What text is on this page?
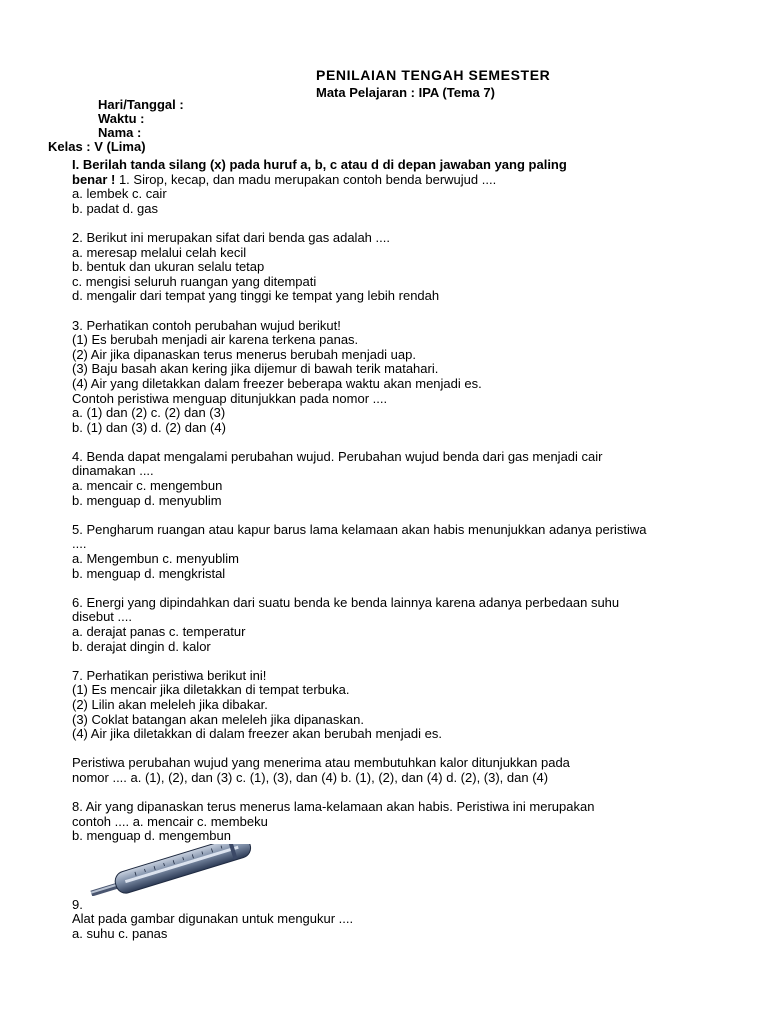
PENILAIAN TENGAH SEMESTER
Mata Pelajaran : IPA (Tema 7)
Hari/Tanggal :
Waktu :
Nama :
Kelas : V (Lima)
I. Berilah tanda silang (x) pada huruf a, b, c atau d di depan jawaban yang paling
benar ! 1. Sirop, kecap, dan madu merupakan contoh benda berwujud ....
a. lembek c. cair
b. padat d. gas
2. Berikut ini merupakan sifat dari benda gas adalah ....
a. meresap melalui celah kecil
b. bentuk dan ukuran selalu tetap
c. mengisi seluruh ruangan yang ditempati
d. mengalir dari tempat yang tinggi ke tempat yang lebih rendah
3. Perhatikan contoh perubahan wujud berikut!
(1) Es berubah menjadi air karena terkena panas.
(2) Air jika dipanaskan terus menerus berubah menjadi uap.
(3) Baju basah akan kering jika dijemur di bawah terik matahari.
(4) Air yang diletakkan dalam freezer beberapa waktu akan menjadi es.
Contoh peristiwa menguap ditunjukkan pada nomor ....
a. (1) dan (2) c. (2) dan (3)
b. (1) dan (3) d. (2) dan (4)
4. Benda dapat mengalami perubahan wujud. Perubahan wujud benda dari gas menjadi cair
dinamakan ....
a. mencair c. mengembun
b. menguap d. menyublim
5. Pengharum ruangan atau kapur barus lama kelamaan akan habis menunjukkan adanya peristiwa
....
a. Mengembun c. menyublim
b. menguap d. mengkristal
6. Energi yang dipindahkan dari suatu benda ke benda lainnya karena adanya perbedaan suhu
disebut ....
a. derajat panas c. temperatur
b. derajat dingin d. kalor
7. Perhatikan peristiwa berikut ini!
(1) Es mencair jika diletakkan di tempat terbuka.
(2) Lilin akan meleleh jika dibakar.
(3) Coklat batangan akan meleleh jika dipanaskan.
(4) Air jika diletakkan di dalam freezer akan berubah menjadi es.
Peristiwa perubahan wujud yang menerima atau membutuhkan kalor ditunjukkan pada
nomor .... a. (1), (2), dan (3) c. (1), (3), dan (4) b. (1), (2), dan (4) d. (2), (3), dan (4)
8. Air yang dipanaskan terus menerus lama-kelamaan akan habis. Peristiwa ini merupakan
contoh .... a. mencair c. membeku
b. menguap d. mengembun
9.
Alat pada gambar digunakan untuk mengukur ....
a. suhu c. panas
